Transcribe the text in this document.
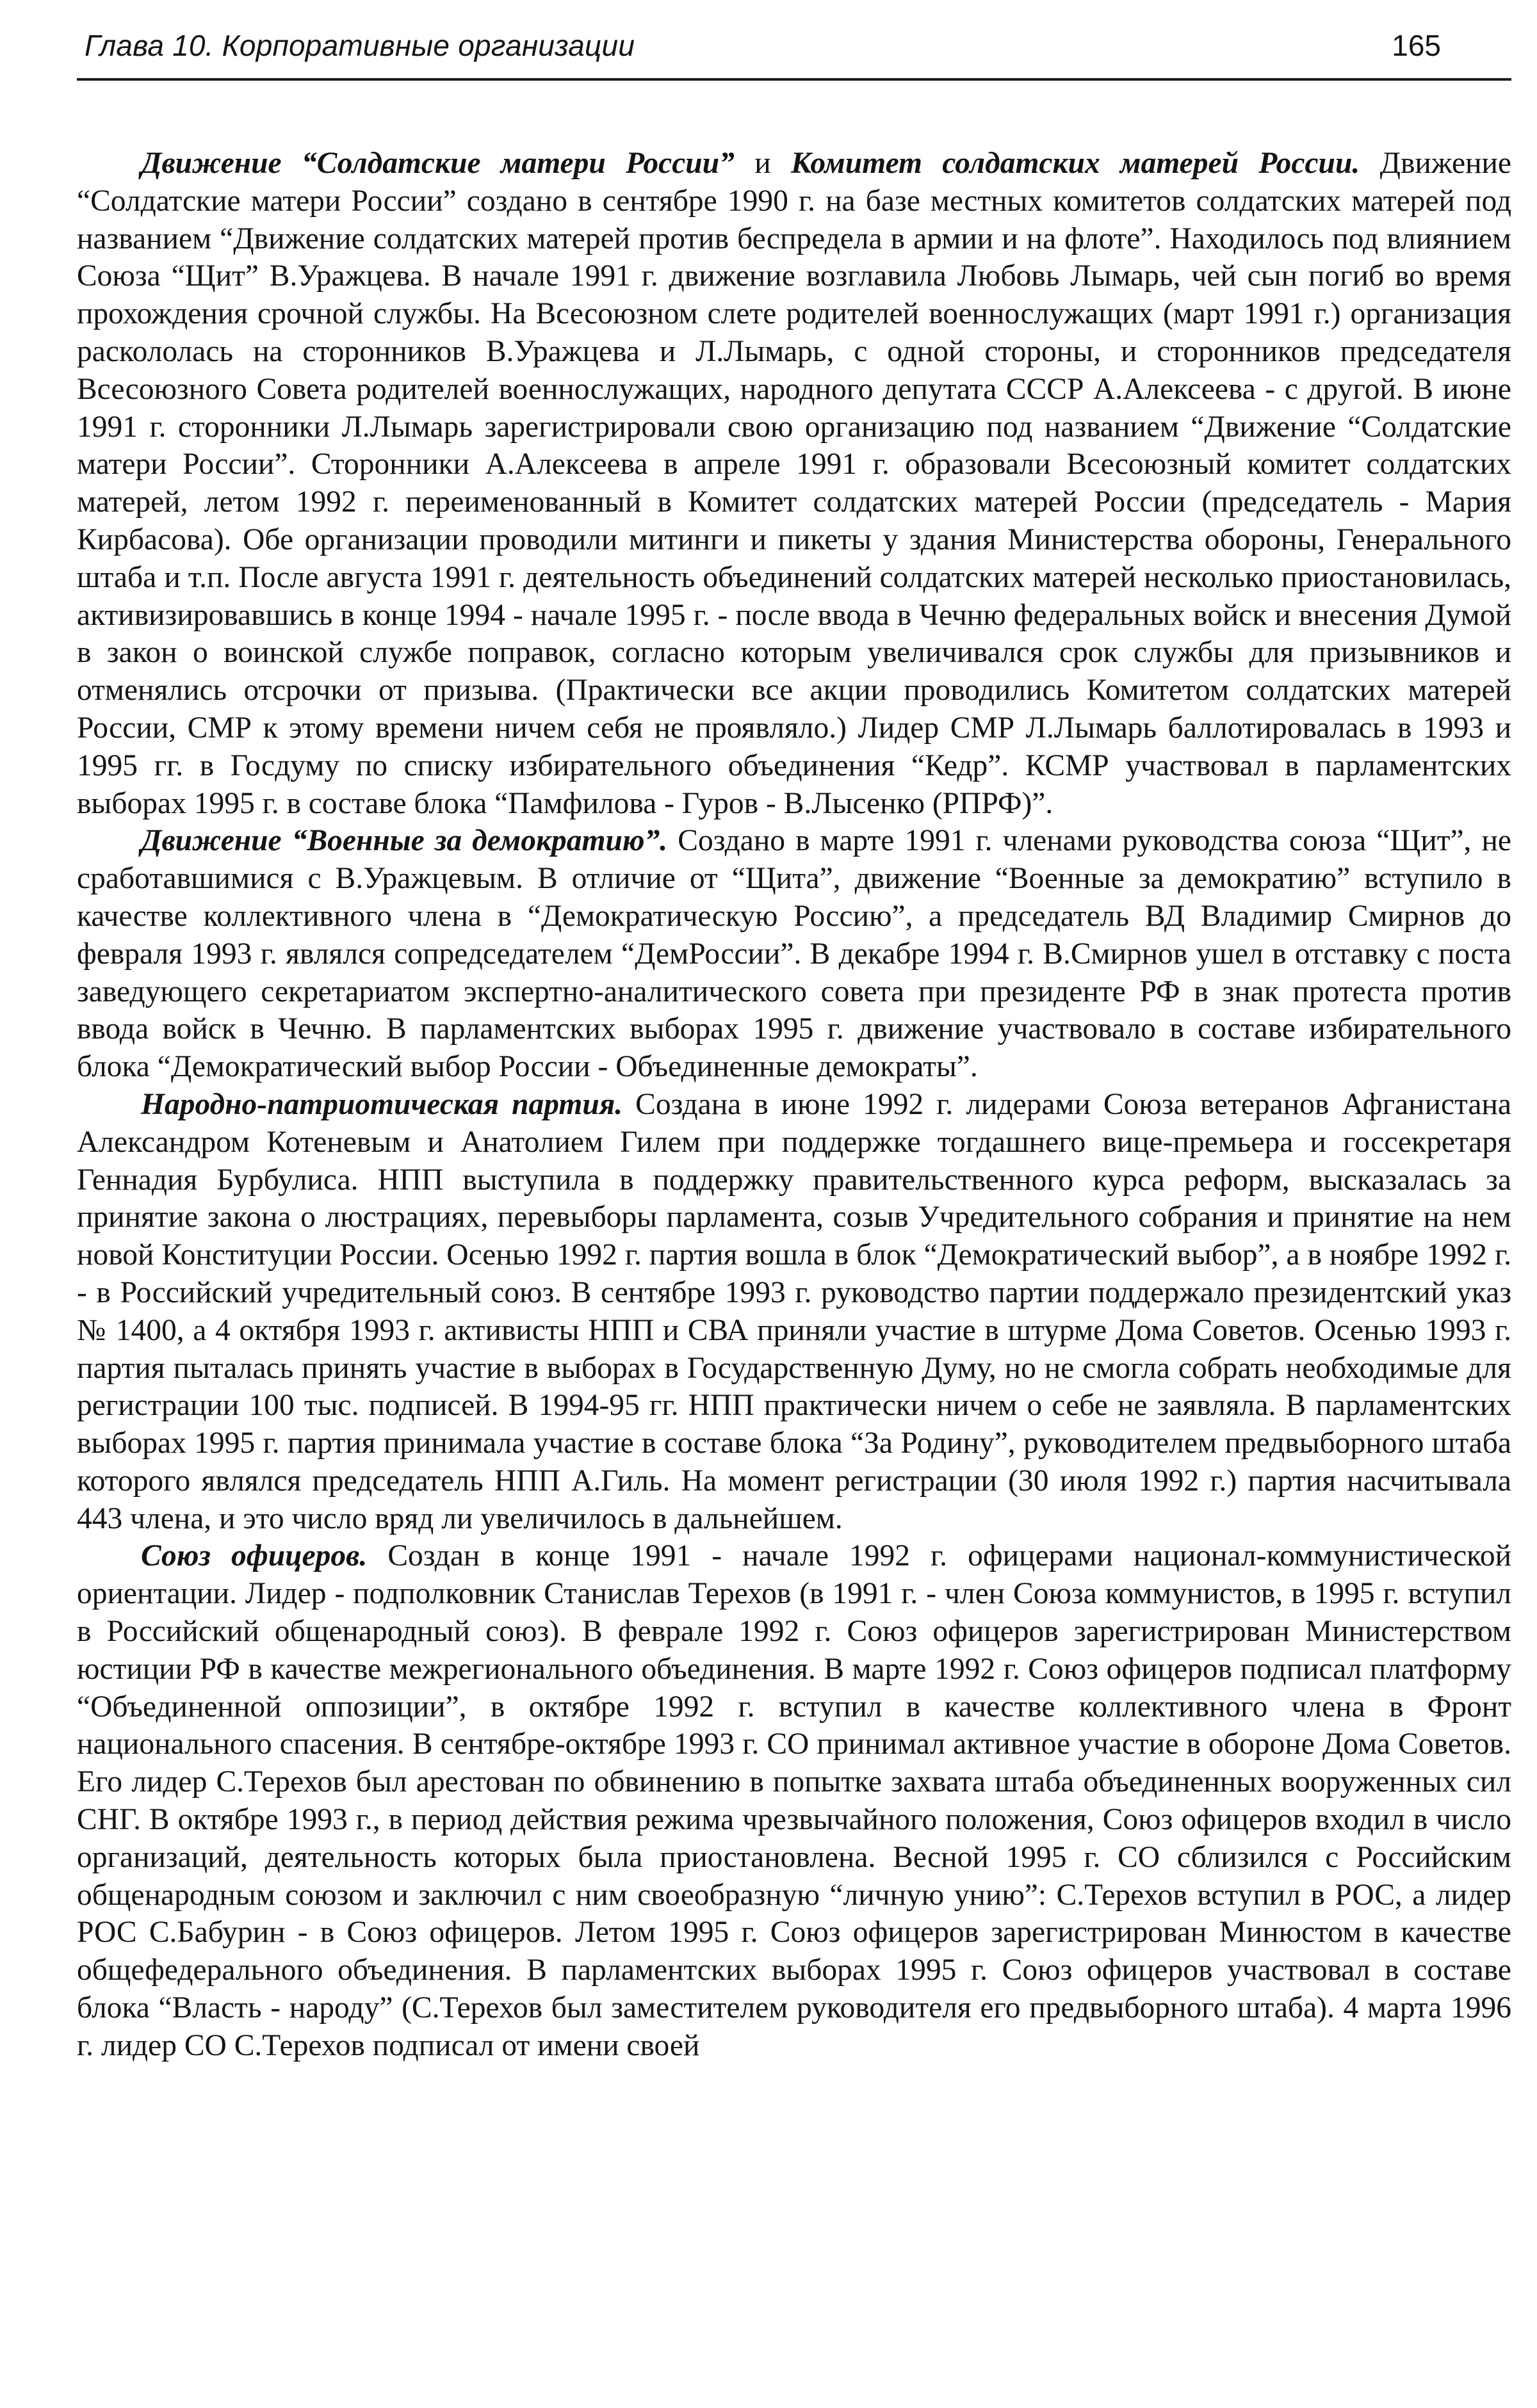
Глава 10. Корпоративные организации	165

Движение “Солдатские матери России” и Комитет солдатских матерей России. Движение “Солдатские матери России” создано в сентябре 1990 г. на базе местных комитетов солдатских матерей под названием “Движение солдатских матерей против беспредела в армии и на флоте”. Находилось под влиянием Союза “Щит” В.Уражцева. В начале 1991 г. движение возглавила Любовь Лымарь, чей сын погиб во время прохождения срочной службы. На Всесоюзном слете родителей военнослужащих (март 1991 г.) организация раскололась на сторонников В.Уражцева и Л.Лымарь, с одной стороны, и сторонников председателя Всесоюзного Совета родителей военнослужащих, народного депутата СССР А.Алексеева - с другой. В июне 1991 г. сторонники Л.Лымарь зарегистрировали свою организацию под названием “Движение “Солдатские матери России”. Сторонники А.Алексеева в апреле 1991 г. образовали Всесоюзный комитет солдатских матерей, летом 1992 г. переименованный в Комитет солдатских матерей России (председатель - Мария Кирбасова). Обе организации проводили митинги и пикеты у здания Министерства обороны, Генерального штаба и т.п. После августа 1991 г. деятельность объединений солдатских матерей несколько приостановилась, активизировавшись в конце 1994 - начале 1995 г. - после ввода в Чечню федеральных войск и внесения Думой в закон о воинской службе поправок, согласно которым увеличивался срок службы для призывников и отменялись отсрочки от призыва. (Практически все акции проводились Комитетом солдатских матерей России, СМР к этому времени ничем себя не проявляло.) Лидер СМР Л.Лымарь баллотировалась в 1993 и 1995 гг. в Госдуму по списку избирательного объединения “Кедр”. КСМР участвовал в парламентских выборах 1995 г. в составе блока “Памфилова - Гуров - В.Лысенко (РПРФ)”.

Движение “Военные за демократию”. Создано в марте 1991 г. членами руководства союза “Щит”, не сработавшимися с В.Уражцевым. В отличие от “Щита”, движение “Военные за демократию” вступило в качестве коллективного члена в “Демократическую Россию”, а председатель ВД Владимир Смирнов до февраля 1993 г. являлся сопредседателем “ДемРоссии”. В декабре 1994 г. В.Смирнов ушел в отставку с поста заведующего секретариатом экспертно-аналитического совета при президенте РФ в знак протеста против ввода войск в Чечню. В парламентских выборах 1995 г. движение участвовало в составе избирательного блока “Демократический выбор России - Объединенные демократы”.

Народно-патриотическая партия. Создана в июне 1992 г. лидерами Союза ветеранов Афганистана Александром Котеневым и Анатолием Гилем при поддержке тогдашнего вице-премьера и госсекретаря Геннадия Бурбулиса. НПП выступила в поддержку правительственного курса реформ, высказалась за принятие закона о люстрациях, перевыборы парламента, созыв Учредительного собрания и принятие на нем новой Конституции России. Осенью 1992 г. партия вошла в блок “Демократический выбор”, а в ноябре 1992 г. - в Российский учредительный союз. В сентябре 1993 г. руководство партии поддержало президентский указ № 1400, а 4 октября 1993 г. активисты НПП и СВА приняли участие в штурме Дома Советов. Осенью 1993 г. партия пыталась принять участие в выборах в Государственную Думу, но не смогла собрать необходимые для регистрации 100 тыс. подписей. В 1994-95 гг. НПП практически ничем о себе не заявляла. В парламентских выборах 1995 г. партия принимала участие в составе блока “За Родину”, руководителем предвыборного штаба которого являлся председатель НПП А.Гиль. На момент регистрации (30 июля 1992 г.) партия насчитывала 443 члена, и это число вряд ли увеличилось в дальнейшем.

Союз офицеров. Создан в конце 1991 - начале 1992 г. офицерами национал-коммунистической ориентации. Лидер - подполковник Станислав Терехов (в 1991 г. - член Союза коммунистов, в 1995 г. вступил в Российский общенародный союз). В феврале 1992 г. Союз офицеров зарегистрирован Министерством юстиции РФ в качестве межрегионального объединения. В марте 1992 г. Союз офицеров подписал платформу “Объединенной оппозиции”, в октябре 1992 г. вступил в качестве коллективного члена в Фронт национального спасения. В сентябре-октябре 1993 г. СО принимал активное участие в обороне Дома Советов. Его лидер С.Терехов был арестован по обвинению в попытке захвата штаба объединенных вооруженных сил СНГ. В октябре 1993 г., в период действия режима чрезвычайного положения, Союз офицеров входил в число организаций, деятельность которых была приостановлена. Весной 1995 г. СО сблизился с Российским общенародным союзом и заключил с ним своеобразную “личную унию”: С.Терехов вступил в РОС, а лидер РОС С.Бабурин - в Союз офицеров. Летом 1995 г. Союз офицеров зарегистрирован Минюстом в качестве общефедерального объединения. В парламентских выборах 1995 г. Союз офицеров участвовал в составе блока “Власть - народу” (С.Терехов был заместителем руководителя его предвыборного штаба). 4 марта 1996 г. лидер СО С.Терехов подписал от имени своей
